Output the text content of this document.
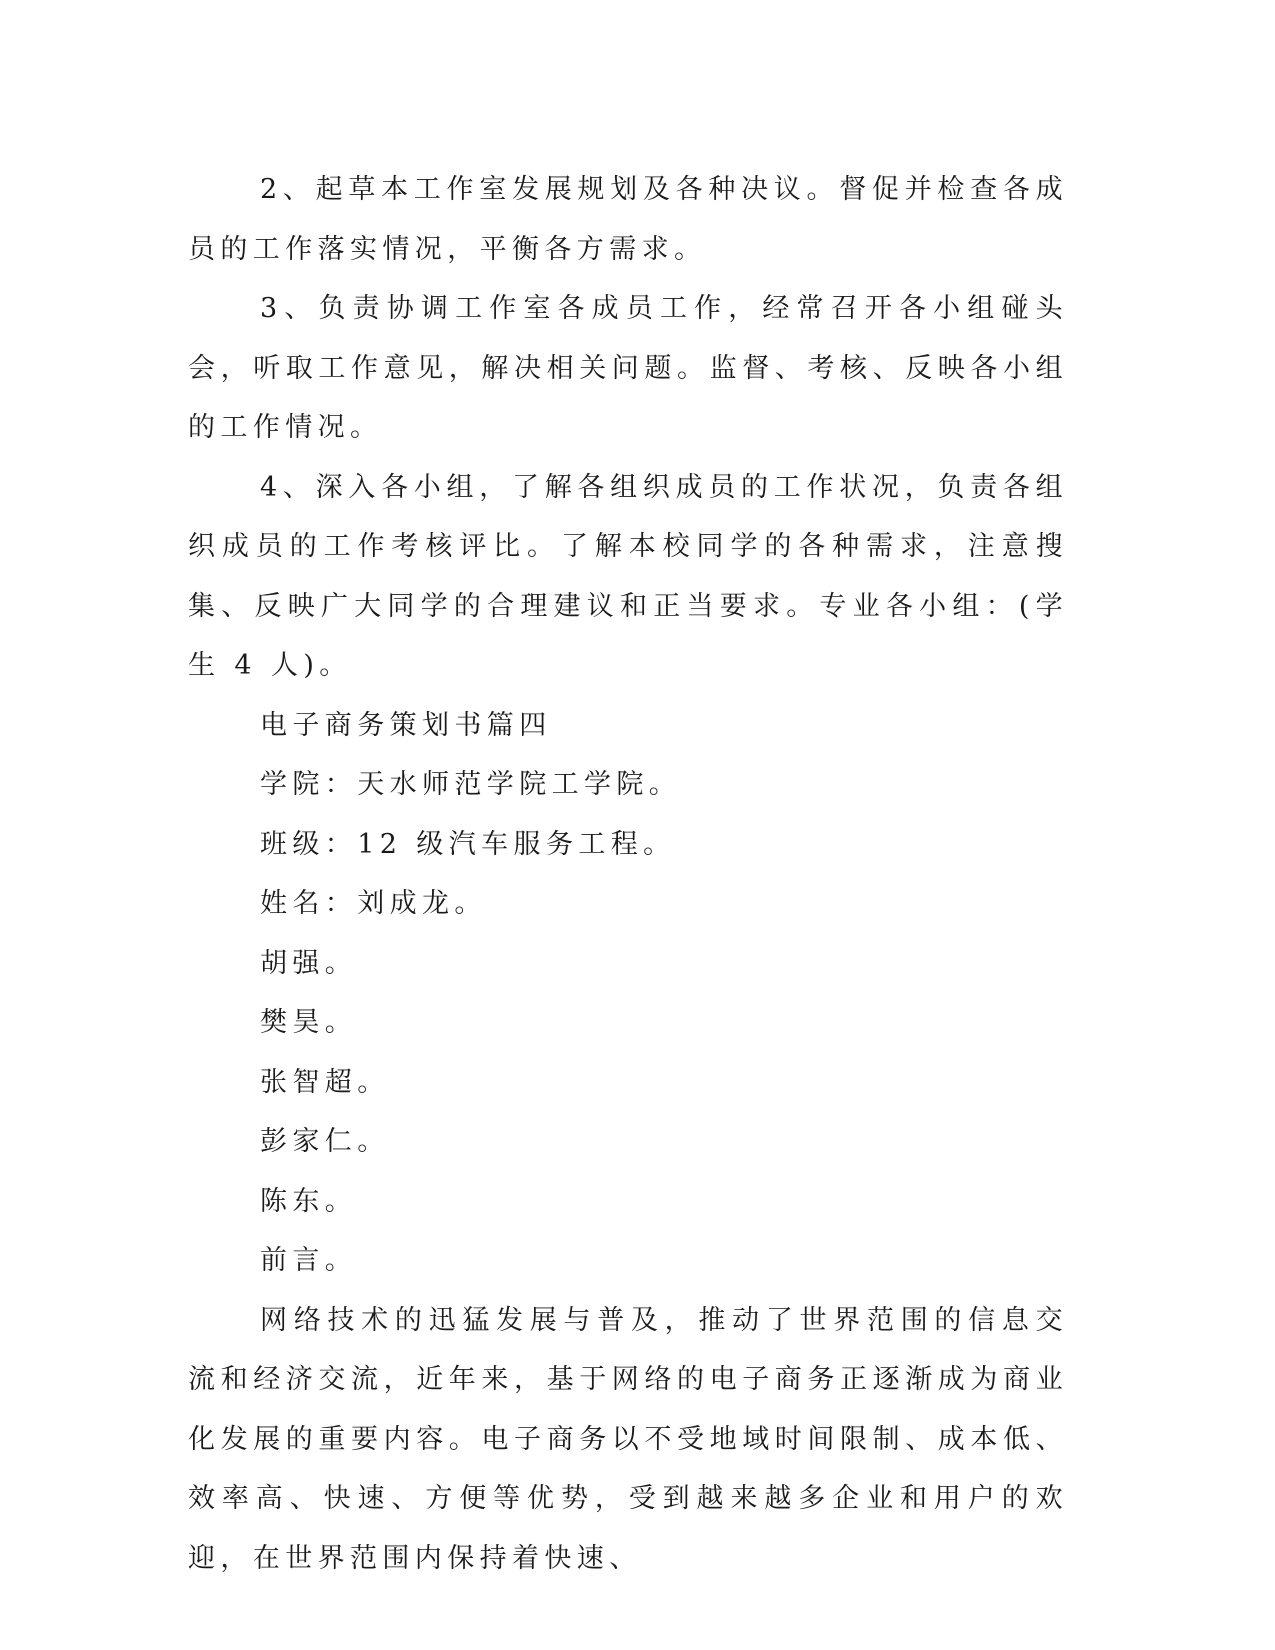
2、起草本工作室发展规划及各种决议。督促并检查各成员的工作落实情况，平衡各方需求。

3、负责协调工作室各成员工作，经常召开各小组碰头会，听取工作意见，解决相关问题。监督、考核、反映各小组的工作情况。

4、深入各小组，了解各组织成员的工作状况，负责各组织成员的工作考核评比。了解本校同学的各种需求，注意搜集、反映广大同学的合理建议和正当要求。专业各小组：(学生 4 人)。

电子商务策划书篇四

学院：天水师范学院工学院。

班级：12 级汽车服务工程。

姓名：刘成龙。

胡强。

樊昊。

张智超。

彭家仁。

陈东。

前言。

网络技术的迅猛发展与普及，推动了世界范围的信息交流和经济交流，近年来，基于网络的电子商务正逐渐成为商业化发展的重要内容。电子商务以不受地域时间限制、成本低、效率高、快速、方便等优势，受到越来越多企业和用户的欢迎，在世界范围内保持着快速、
